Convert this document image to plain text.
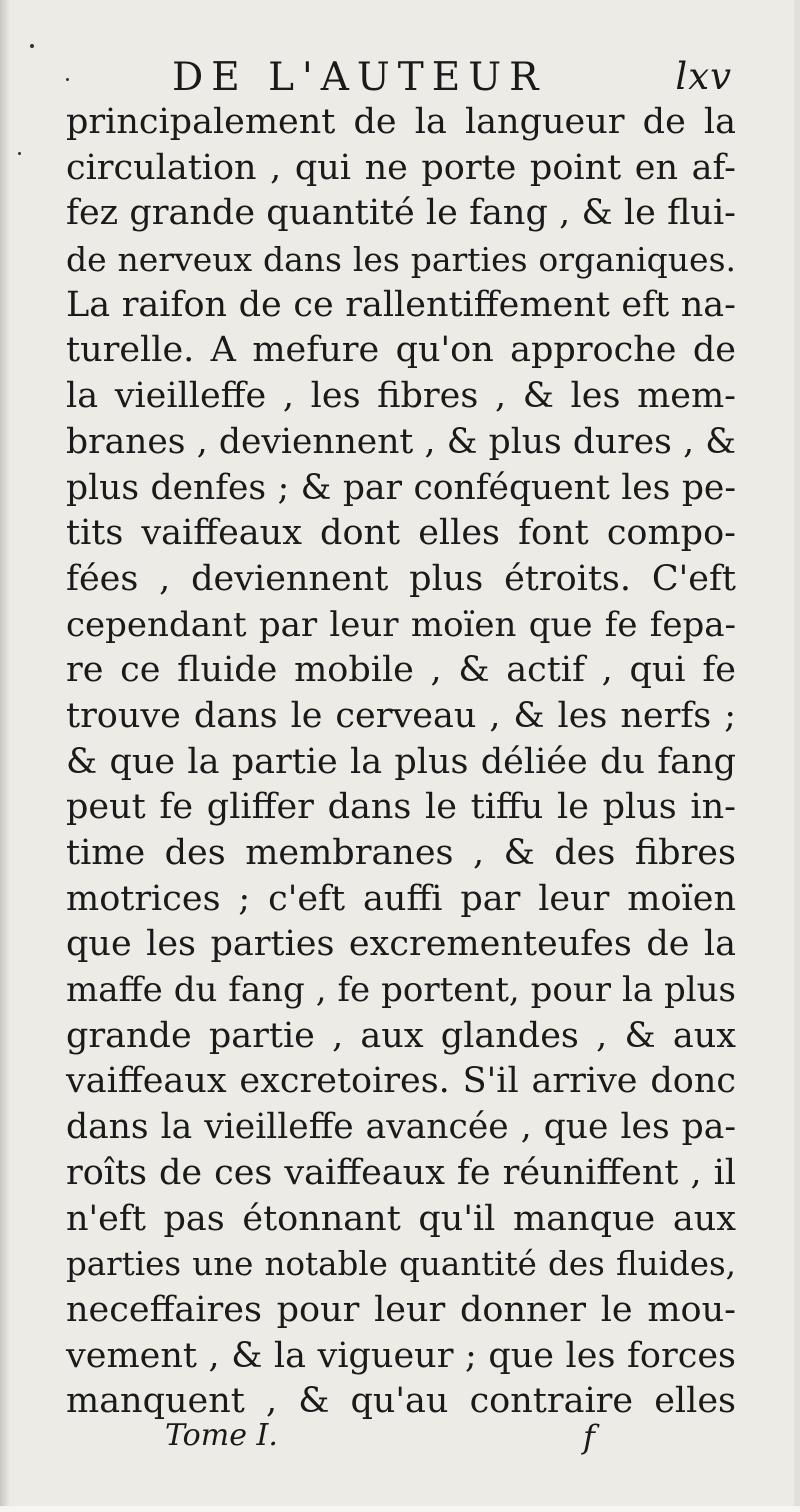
DE L'AUTEUR	lxv
principalement de la langueur de la
circulation , qui ne porte point en af-
fez grande quantité le fang , & le flui-
de nerveux dans les parties organiques.
La raifon de ce rallentiffement eft na-
turelle. A mefure qu'on approche de
la vieilleffe , les fibres , & les mem-
branes , deviennent , & plus dures , &
plus denfes ; & par conféquent les pe-
tits vaiffeaux dont elles font compo-
fées , deviennent plus étroits. C'eft
cependant par leur moïen que fe fepa-
re ce fluide mobile , & actif , qui fe
trouve dans le cerveau , & les nerfs ;
& que la partie la plus déliée du fang
peut fe gliffer dans le tiffu le plus in-
time des membranes , & des fibres
motrices ; c'eft auffi par leur moïen
que les parties excrementeufes de la
maffe du fang , fe portent, pour la plus
grande partie , aux glandes , & aux
vaiffeaux excretoires. S'il arrive donc
dans la vieilleffe avancée , que les pa-
roîts de ces vaiffeaux fe réuniffent , il
n'eft pas étonnant qu'il manque aux
parties une notable quantité des fluides,
neceffaires pour leur donner le mou-
vement , & la vigueur ; que les forces
manquent , & qu'au contraire elles
Tome I.	f
